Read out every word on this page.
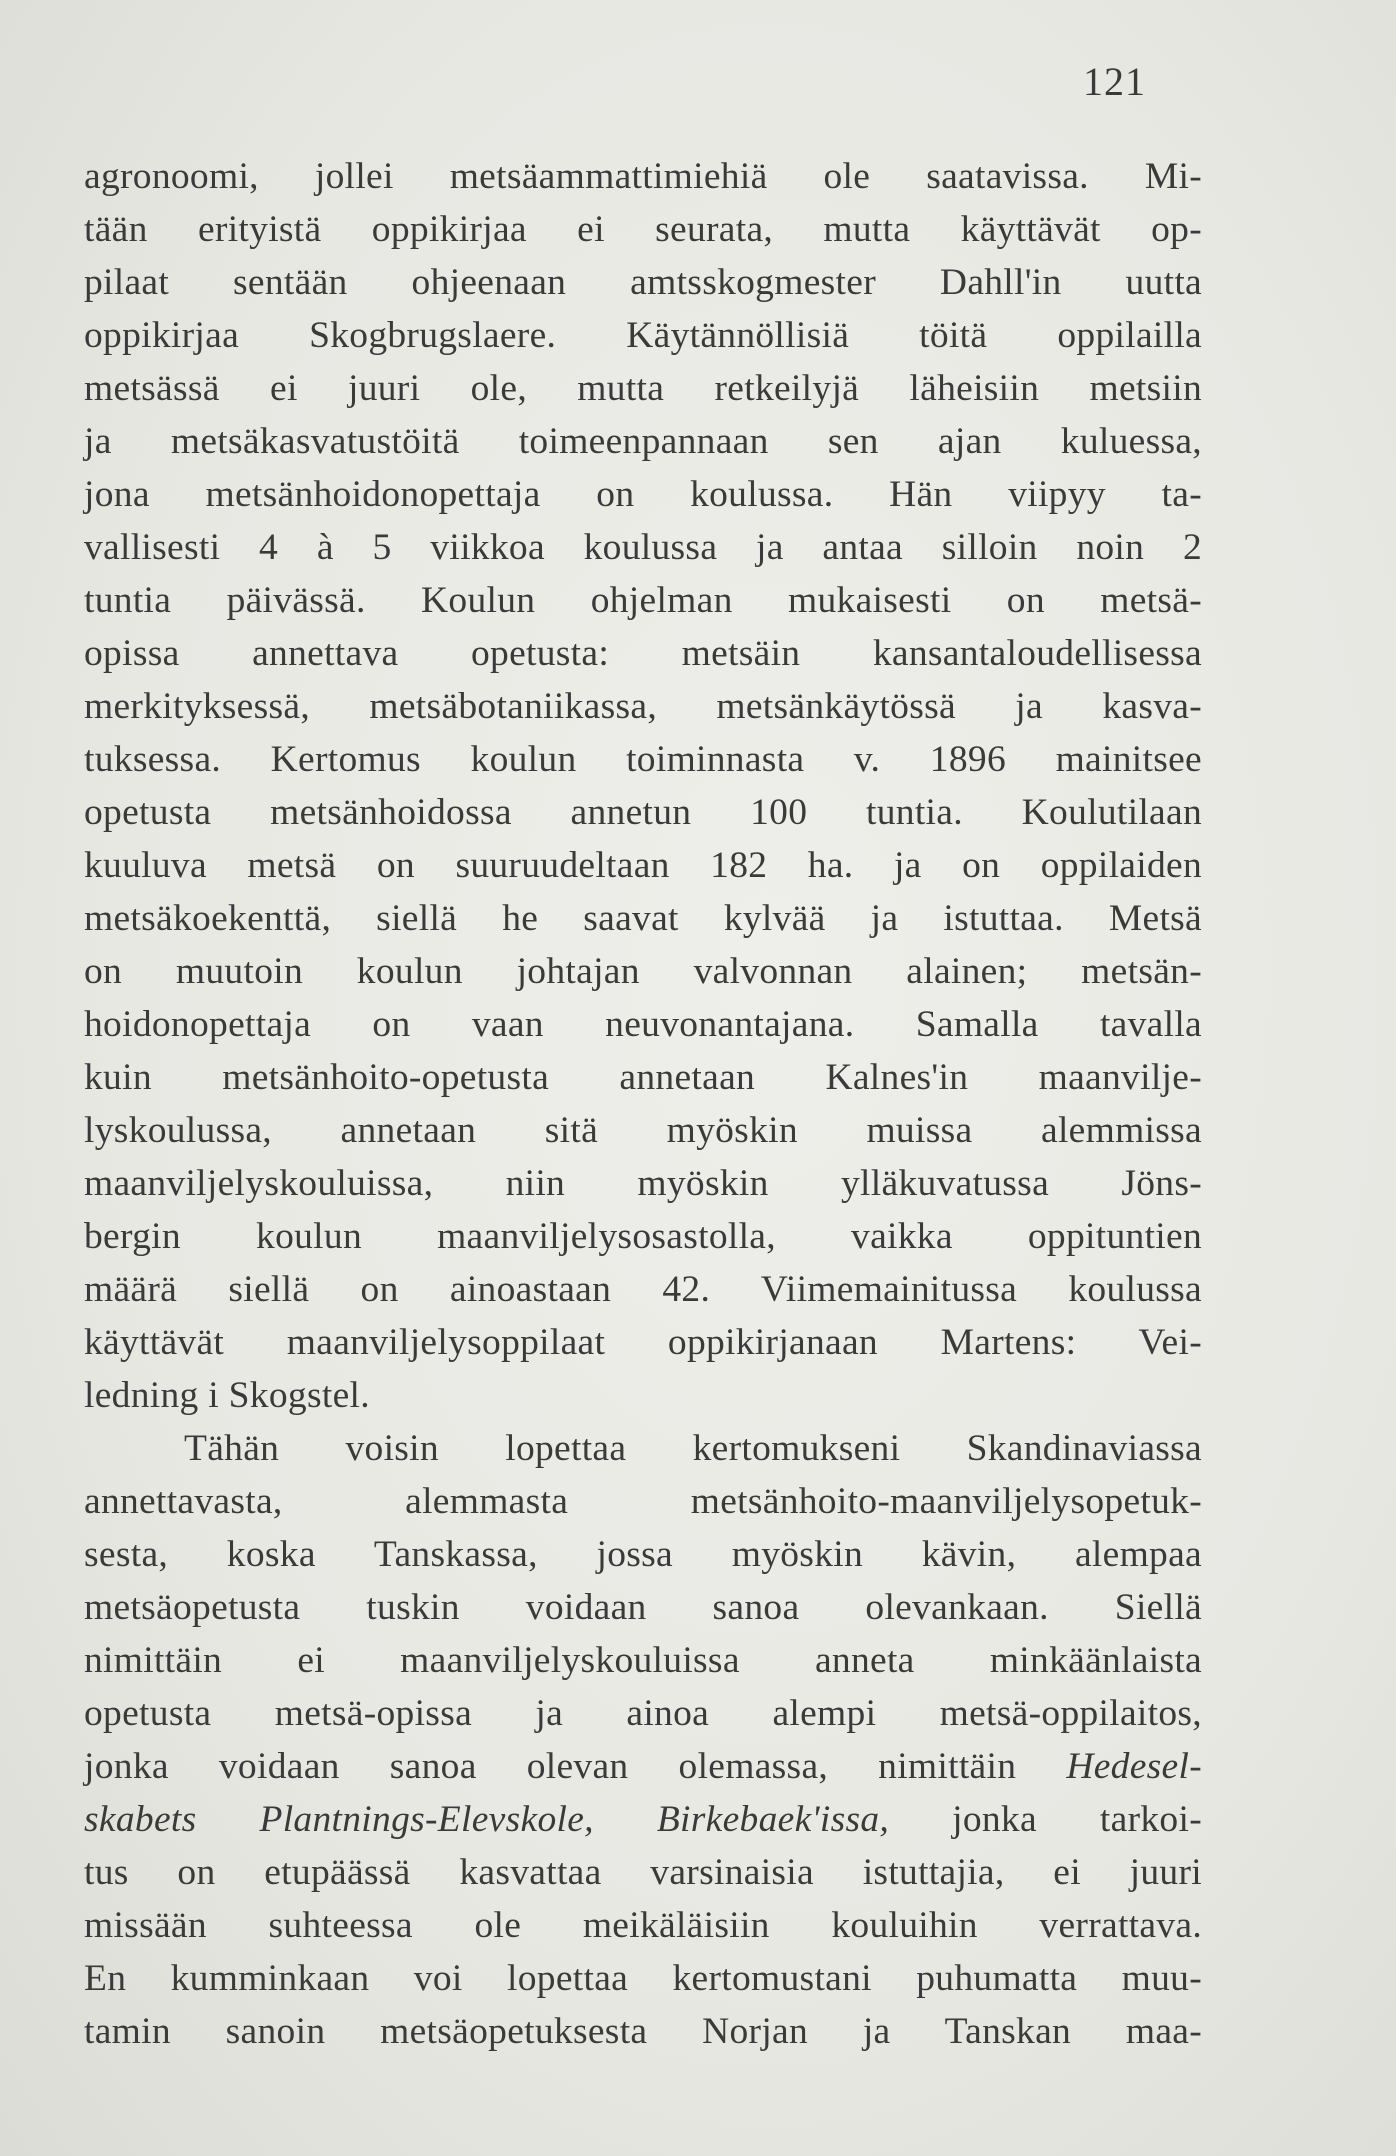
121
agronoomi, jollei metsäammattimiehiä ole saatavissa. Mi-
tään erityistä oppikirjaa ei seurata, mutta käyttävät op-
pilaat sentään ohjeenaan amtsskogmester Dahll'in uutta
oppikirjaa Skogbrugslaere. Käytännöllisiä töitä oppilailla
metsässä ei juuri ole, mutta retkeilyjä läheisiin metsiin
ja metsäkasvatustöitä toimeenpannaan sen ajan kuluessa,
jona metsänhoidonopettaja on koulussa. Hän viipyy ta-
vallisesti 4 à 5 viikkoa koulussa ja antaa silloin noin 2
tuntia päivässä. Koulun ohjelman mukaisesti on metsä-
opissa annettava opetusta: metsäin kansantaloudellisessa
merkityksessä, metsäbotaniikassa, metsänkäytössä ja kasva-
tuksessa. Kertomus koulun toiminnasta v. 1896 mainitsee
opetusta metsänhoidossa annetun 100 tuntia. Koulutilaan
kuuluva metsä on suuruudeltaan 182 ha. ja on oppilaiden
metsäkoekenttä, siellä he saavat kylvää ja istuttaa. Metsä
on muutoin koulun johtajan valvonnan alainen; metsän-
hoidonopettaja on vaan neuvonantajana. Samalla tavalla
kuin metsänhoito-opetusta annetaan Kalnes'in maanvilje-
lyskoulussa, annetaan sitä myöskin muissa alemmissa
maanviljelyskouluissa, niin myöskin ylläkuvatussa Jöns-
bergin koulun maanviljelysosastolla, vaikka oppituntien
määrä siellä on ainoastaan 42. Viimemainitussa koulussa
käyttävät maanviljelysoppilaat oppikirjanaan Martens: Vei-
ledning i Skogstel.
Tähän voisin lopettaa kertomukseni Skandinaviassa
annettavasta, alemmasta metsänhoito-maanviljelysopetuk-
sesta, koska Tanskassa, jossa myöskin kävin, alempaa
metsäopetusta tuskin voidaan sanoa olevankaan. Siellä
nimittäin ei maanviljelyskouluissa anneta minkäänlaista
opetusta metsä-opissa ja ainoa alempi metsä-oppilaitos,
jonka voidaan sanoa olevan olemassa, nimittäin Hedesel-
skabets Plantnings-Elevskole, Birkebaek'issa, jonka tarkoi-
tus on etupäässä kasvattaa varsinaisia istuttajia, ei juuri
missään suhteessa ole meikäläisiin kouluihin verrattava.
En kumminkaan voi lopettaa kertomustani puhumatta muu-
tamin sanoin metsäopetuksesta Norjan ja Tanskan maa-
